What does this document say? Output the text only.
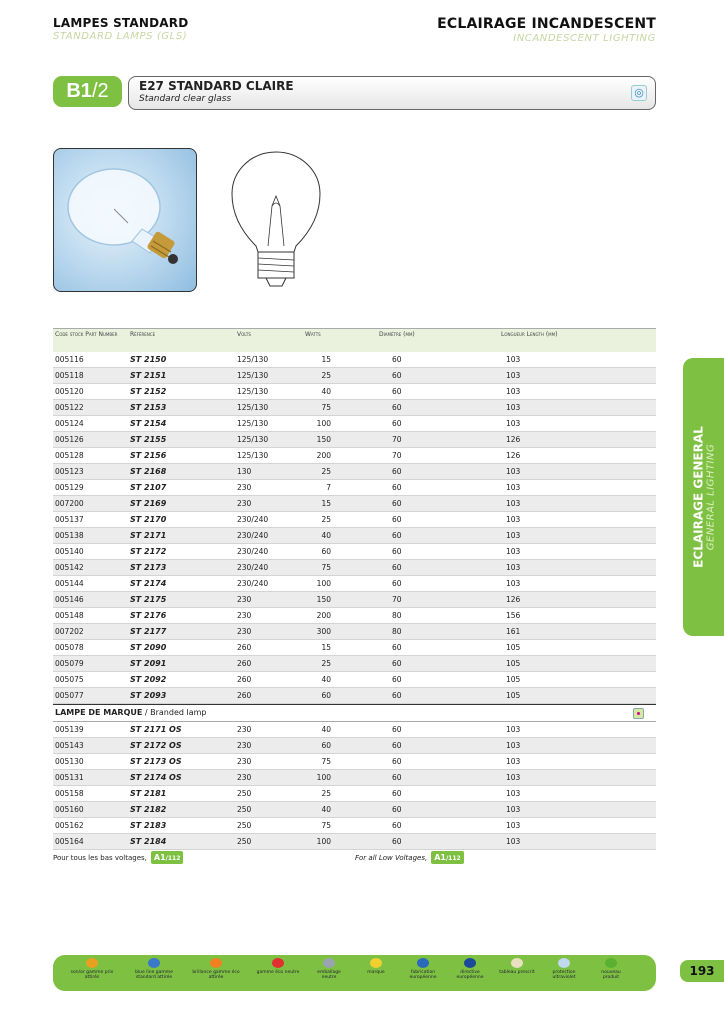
LAMPES STANDARD
STANDARD LAMPS (GLS)
ECLAIRAGE INCANDESCENT
INCANDESCENT LIGHTING
B1 /2	E27 STANDARD CLAIRE
Standard clear glass	◎
Code stock Part Number	Référence	Volts	Watts	Diamètre (mm)	Longueur Length (mm)
005116	ST 2150	125/130	15	60	103
005118	ST 2151	125/130	25	60	103
005120	ST 2152	125/130	40	60	103
005122	ST 2153	125/130	75	60	103
005124	ST 2154	125/130	100	60	103
005126	ST 2155	125/130	150	70	126
005128	ST 2156	125/130	200	70	126
005123	ST 2168	130	25	60	103
005129	ST 2107	230	7	60	103
007200	ST 2169	230	15	60	103
005137	ST 2170	230/240	25	60	103
005138	ST 2171	230/240	40	60	103
005140	ST 2172	230/240	60	60	103
005142	ST 2173	230/240	75	60	103
005144	ST 2174	230/240	100	60	103
005146	ST 2175	230	150	70	126
005148	ST 2176	230	200	80	156
007202	ST 2177	230	300	80	161
005078	ST 2090	260	15	60	105
005079	ST 2091	260	25	60	105
005075	ST 2092	260	40	60	105
005077	ST 2093	260	60	60	105
LAMPE DE MARQUE / Branded lamp
005139	ST 2171 OS	230	40	60	103
005143	ST 2172 OS	230	60	60	103
005130	ST 2173 OS	230	75	60	103
005131	ST 2174 OS	230	100	60	103
005158	ST 2181	250	25	60	103
005160	ST 2182	250	40	60	103
005162	ST 2183	250	75	60	103
005164	ST 2184	250	100	60	103
Pour tous les bas voltages, A1/112	For all Low Voltages, A1/112
ECLAIRAGE GENERAL GENERAL LIGHTING
son/or gamme prix attirés
blue line gamme standard attirée
brillance gamme éco attirée
gamme éco neutre	emballage neutre
marque	fabrication européenne
directive européenne
tableau prescrit	protection ultraviolet
nouveau produit	193
